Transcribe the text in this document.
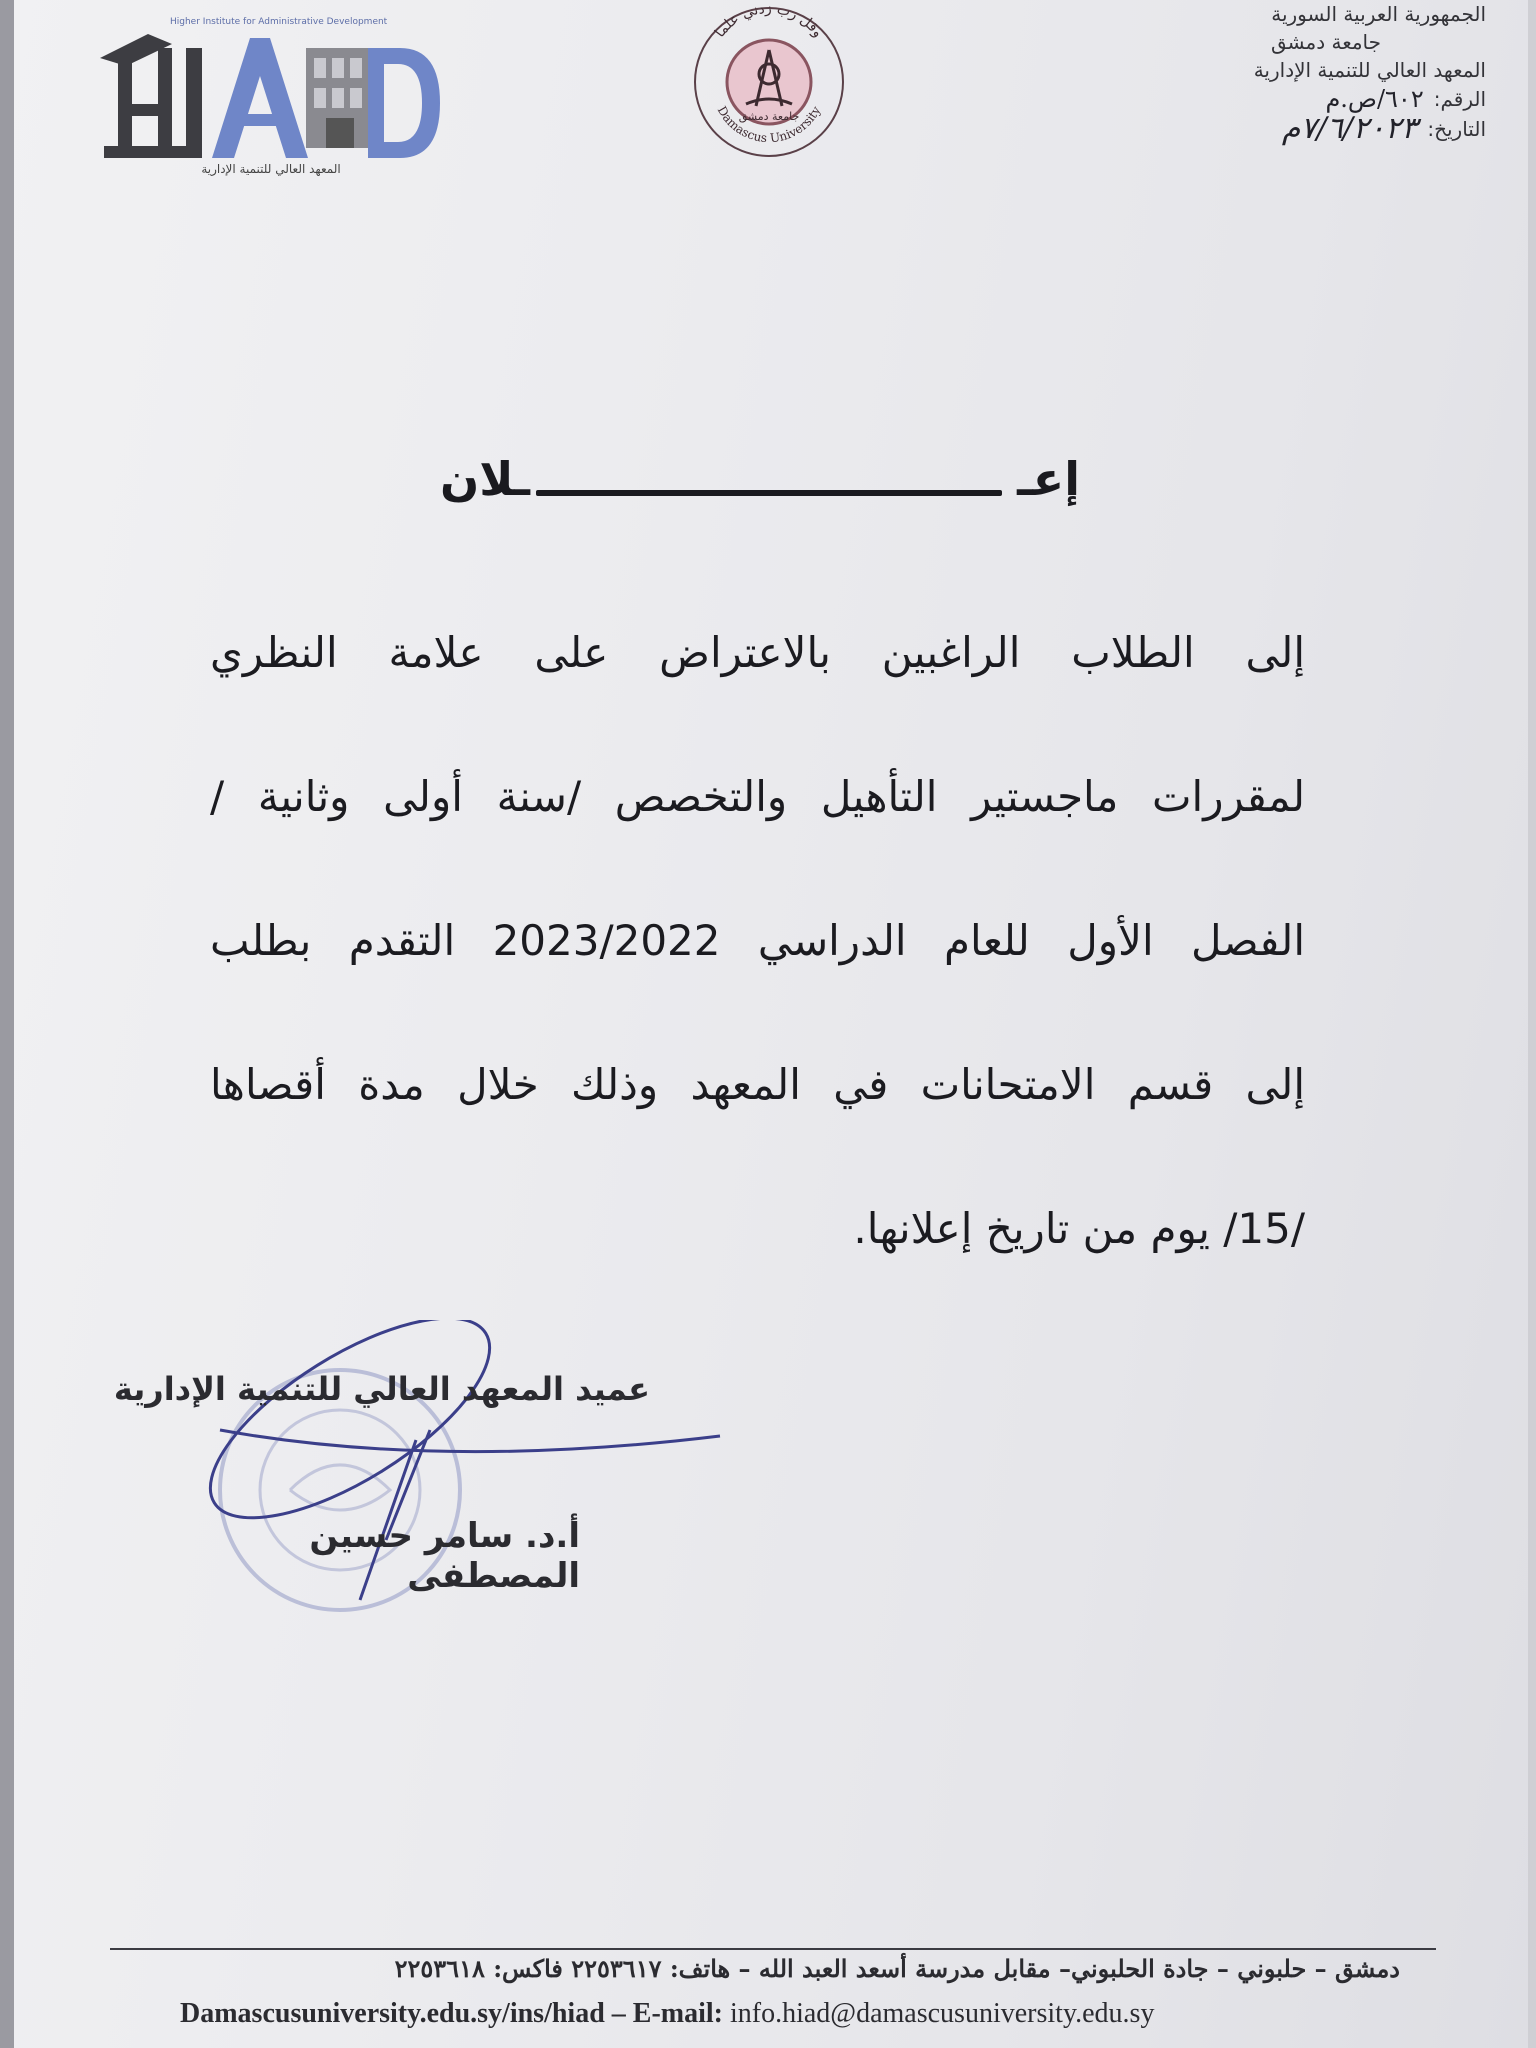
Higher Institute for Administrative Development
المعهد العالي للتنمية الإدارية
وقل رب زدني علما
جامعة دمشق
Damascus University
الجمهورية العربية السورية
جامعة دمشق
المعهد العالي للتنمية الإدارية
الرقم:
٦٠٢/ص.م
التاريخ:
٧/٦/٢٠٢٣م
إعـ
ـلان
إلى الطلاب الراغبين بالاعتراض على علامة النظري
لمقررات ماجستير التأهيل والتخصص /سنة أولى وثانية /
الفصل الأول للعام الدراسي 2023/2022 التقدم بطلب
إلى قسم الامتحانات في المعهد وذلك خلال مدة أقصاها
/15/ يوم من تاريخ إعلانها.
عميد المعهد العالي للتنمية الإدارية
أ.د. سامر حسين المصطفى
دمشق – حلبوني – جادة الحلبوني– مقابل مدرسة أسعد العبد الله – هاتف: ٢٢٥٣٦١٧ فاكس: ٢٢٥٣٦١٨
Damascusuniversity.edu.sy/ins/hiad – E-mail: info.hiad@damascusuniversity.edu.sy
